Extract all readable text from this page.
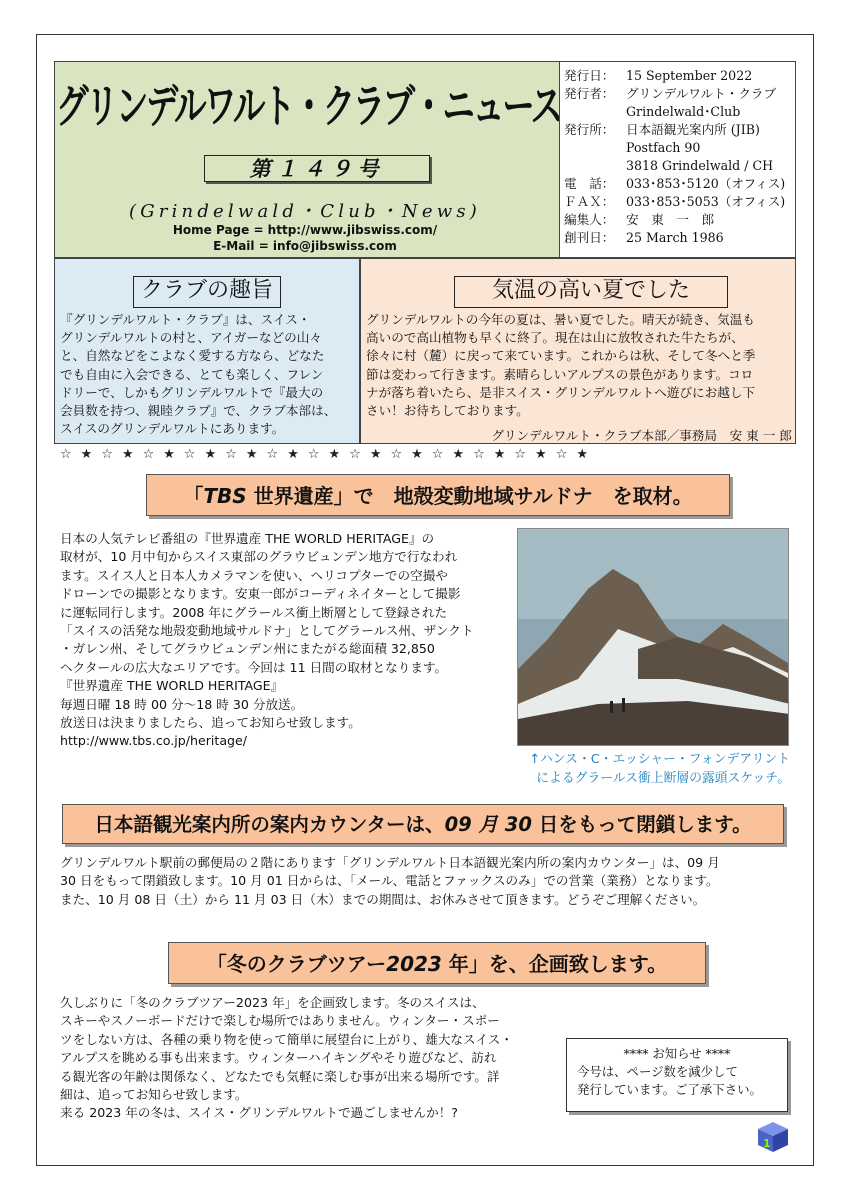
グリンデルワルト・クラブ・ニュース
第１４９号
(Grindelwald・Club・News)
Home Page = http://www.jibswiss.com/
E-Mail = info@jibswiss.com
発行日： 15 September 2022
発行者： グリンデルワルト・クラブ
Grindelwald･Club
発行所： 日本語観光案内所 (JIB)
Postfach 90
3818 Grindelwald / CH
電　話： 033･853･5120（オフィス)
ＦＡＸ： 033･853･5053（オフィス)
編集人： 安　東　一　郎
創刊日： 25 March 1986
クラブの趣旨
『グリンデルワルト・クラブ』は、スイス・
グリンデルワルトの村と、アイガーなどの山々
と、自然などをこよなく愛する方なら、どなた
でも自由に入会できる、とても楽しく、フレン
ドリーで、しかもグリンデルワルトで『最大の
会員数を持つ、親睦クラブ』で、クラブ本部は、
スイスのグリンデルワルトにあります。
気温の高い夏でした
グリンデルワルトの今年の夏は、暑い夏でした。晴天が続き、気温も
高いので高山植物も早くに終了。現在は山に放牧された牛たちが、
徐々に村（麓）に戻って来ています。これからは秋、そして冬へと季
節は変わって行きます。素晴らしいアルプスの景色があります。コロ
ナが落ち着いたら、是非スイス・グリンデルワルトへ遊びにお越し下
さい！お待ちしております。
グリンデルワルト・クラブ本部／事務局　安 東 一 郎
☆★☆★☆★☆★☆★☆★☆★☆★☆★☆★☆★☆★☆★
「TBS 世界遺産」で　地殻変動地域サルドナ　を取材。
日本の人気テレビ番組の『世界遺産 THE WORLD HERITAGE』の
取材が、10 月中旬からスイス東部のグラウビュンデン地方で行なわれ
ます。スイス人と日本人カメラマンを使い、ヘリコプターでの空撮や
ドローンでの撮影となります。安東一郎がコーディネイターとして撮影
に運転同行します。2008 年にグラールス衝上断層として登録された
「スイスの活発な地殻変動地域サルドナ」としてグラールス州、ザンクト
・ガレン州、そしてグラウビュンデン州にまたがる総面積 32,850
ヘクタールの広大なエリアです。今回は 11 日間の取材となります。
『世界遺産 THE WORLD HERITAGE』
毎週日曜 18 時 00 分～18 時 30 分放送。
放送日は決まりましたら、追ってお知らせ致します。
http://www.tbs.co.jp/heritage/
↑ハンス・C・エッシャー・フォンデアリント
によるグラールス衝上断層の露頭スケッチ。
日本語観光案内所の案内カウンターは、09 月 30 日をもって閉鎖します。
グリンデルワルト駅前の郵便局の２階にあります「グリンデルワルト日本語観光案内所の案内カウンター」は、09 月
30 日をもって閉鎖致します。10 月 01 日からは、「メール、電話とファックスのみ」での営業（業務）となります。
また、10 月 08 日（土）から 11 月 03 日（木）までの期間は、お休みさせて頂きます。どうぞご理解ください。
「冬のクラブツアー2023 年」を、企画致します。
久しぶりに「冬のクラブツアー2023 年」を企画致します。冬のスイスは、
スキーやスノーボードだけで楽しむ場所ではありません。ウィンター・スポー
ツをしない方は、各種の乗り物を使って簡単に展望台に上がり、雄大なスイス・
アルプスを眺める事も出来ます。ウィンターハイキングやそり遊びなど、訪れ
る観光客の年齢は関係なく、どなたでも気軽に楽しむ事が出来る場所です。詳
細は、追ってお知らせ致します。
来る 2023 年の冬は、スイス・グリンデルワルトで過ごしませんか！?
**** お知らせ ****
今号は、ページ数を減少して
発行しています。ご了承下さい。
1
